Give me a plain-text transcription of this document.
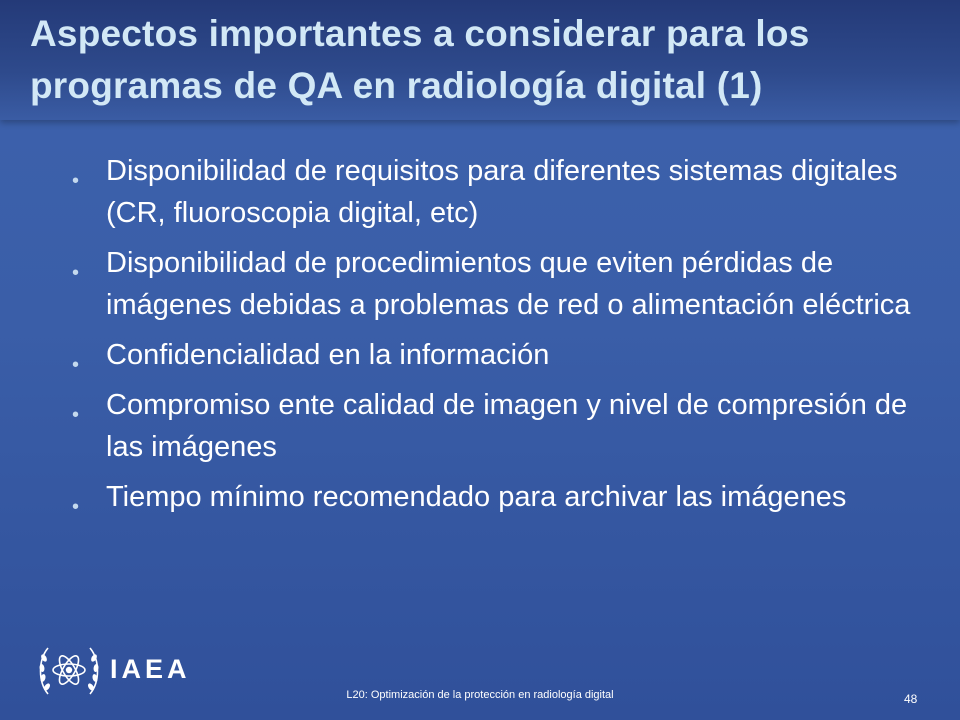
Aspectos importantes a considerar para los programas de QA en radiología digital (1)
• Disponibilidad de requisitos para diferentes sistemas digitales (CR, fluoroscopia digital, etc)
• Disponibilidad de procedimientos que eviten pérdidas de imágenes debidas a problemas de red o alimentación eléctrica
• Confidencialidad en la información
• Compromiso ente calidad de imagen y nivel de compresión de las imágenes
• Tiempo mínimo recomendado para archivar las imágenes
IAEA
L20: Optimización de la protección en radiología digital	48
